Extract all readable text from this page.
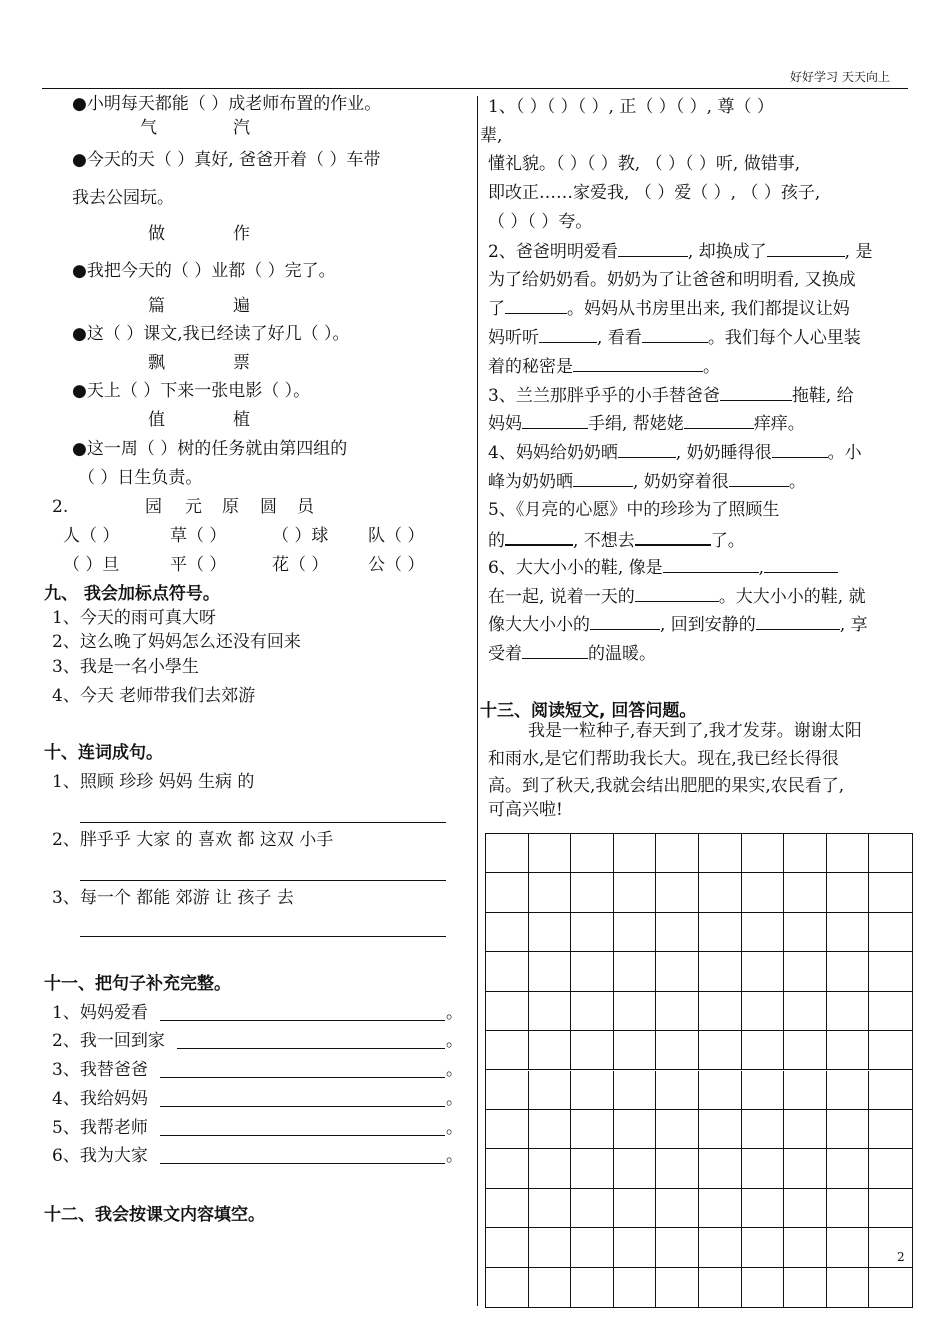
好好学习 天天向上
●小明每天都能（ ）成老师布置的作业。
气	汽
●今天的天（ ）真好, 爸爸开着（ ）车带
我去公园玩。
做	作
●我把今天的（ ）业都（ ）完了。
篇	遍
●这（ ）课文,我已经读了好几（ ）。
飘	票
●天上（ ）下来一张电影（ ）。
值	植
●这一周（ ）树的任务就由第四组的
（ ）日生负责。
2.	园 元 原 圆 员
人（ ）	草（ ）	（ ）球 队（ ）
（ ）旦	平（ ）	花（ ） 公（ ）
九、 我会加标点符号。
1、今天的雨可真大呀
2、这么晚了妈妈怎么还没有回来
3、我是一名小學生
4、今天 老师带我们去郊游
十、连词成句。
1、照顾 珍珍 妈妈 生病 的
2、胖乎乎 大家 的 喜欢 都 这双 小手
3、每一个 都能 郊游 让 孩子 去
十一、把句子补充完整。
1、妈妈爱看	。
2、我一回到家	。
3、我替爸爸	。
4、我给妈妈	。
5、我帮老师	。
6、我为大家	。
十二、我会按课文内容填空。
1、（ ）（ ）（ ）, 正（ ）（ ）, 尊（ ）
辈,
懂礼貌。（ ）（ ）教, （ ）（ ）听, 做错事,
即改正……家爱我, （ ）爱（ ）, （ ）孩子,
（ ）（ ）夸。
2、爸爸明明爱看	, 却换成了	, 是
为了给奶奶看。奶奶为了让爸爸和明明看, 又换成
了	。妈妈从书房里出来, 我们都提议让妈
妈听听	, 看看	。我们每个人心里装
着的秘密是	。
3、兰兰那胖乎乎的小手替爸爸	拖鞋, 给
妈妈	手绢, 帮姥姥	痒痒。
4、妈妈给奶奶晒	, 奶奶睡得很	。小
峰为奶奶晒	, 奶奶穿着很	。
5、《月亮的心愿》中的珍珍为了照顾生
的	, 不想去	了。
6、大大小小的鞋, 像是	,
在一起, 说着一天的	。大大小小的鞋, 就
像大大小小的	, 回到安静的	, 享
受着	的温暖。
十三、阅读短文, 回答问题。
我是一粒种子,春天到了,我才发芽。谢谢太阳
和雨水,是它们帮助我长大。现在,我已经长得很
高。到了秋天,我就会结出肥肥的果实,农民看了,
可高兴啦!
2
